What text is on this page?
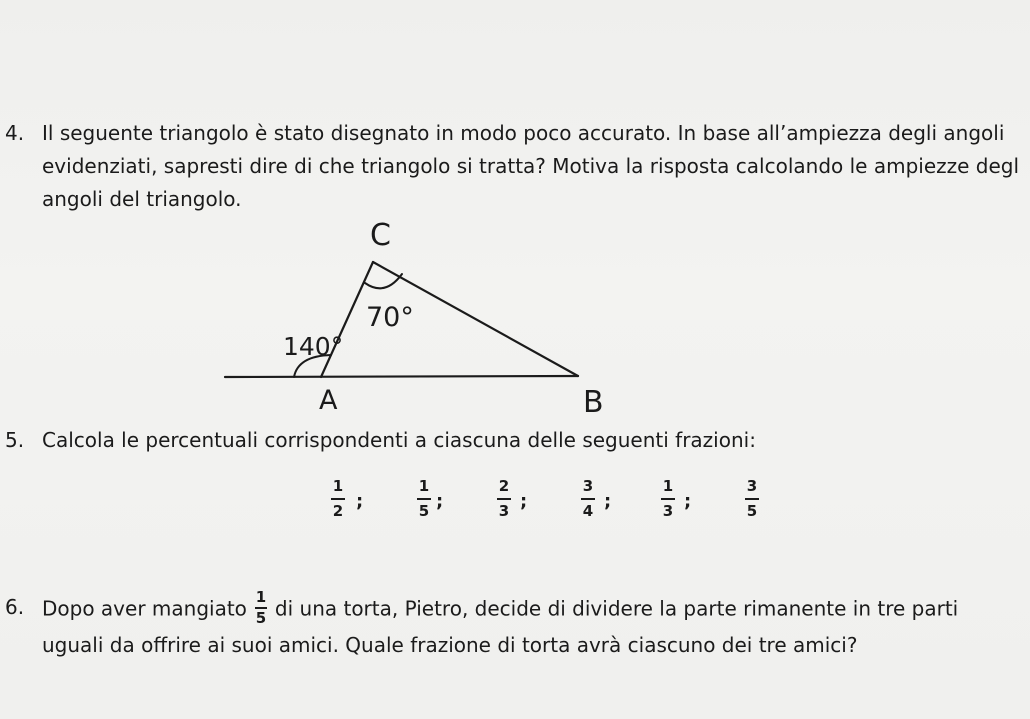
4. Il seguente triangolo è stato disegnato in modo poco accurato. In base all’ampiezza degli angoli
evidenziati, sapresti dire di che triangolo si tratta? Motiva la risposta calcolando le ampiezze degl
angoli del triangolo.
C
70°
140°
A	B
5. Calcola le percentuali corrispondenti a ciascuna delle seguenti frazioni:
1
2 ;
1
5 ;
2
3 ;
3
4 ;
1
3 ;
3
5
6. Dopo aver mangiato $\frac{1}{5}$ di una torta, Pietro, decide di dividere la parte rimanente in tre parti
uguali da offrire ai suoi amici. Quale frazione di torta avrà ciascuno dei tre amici?
